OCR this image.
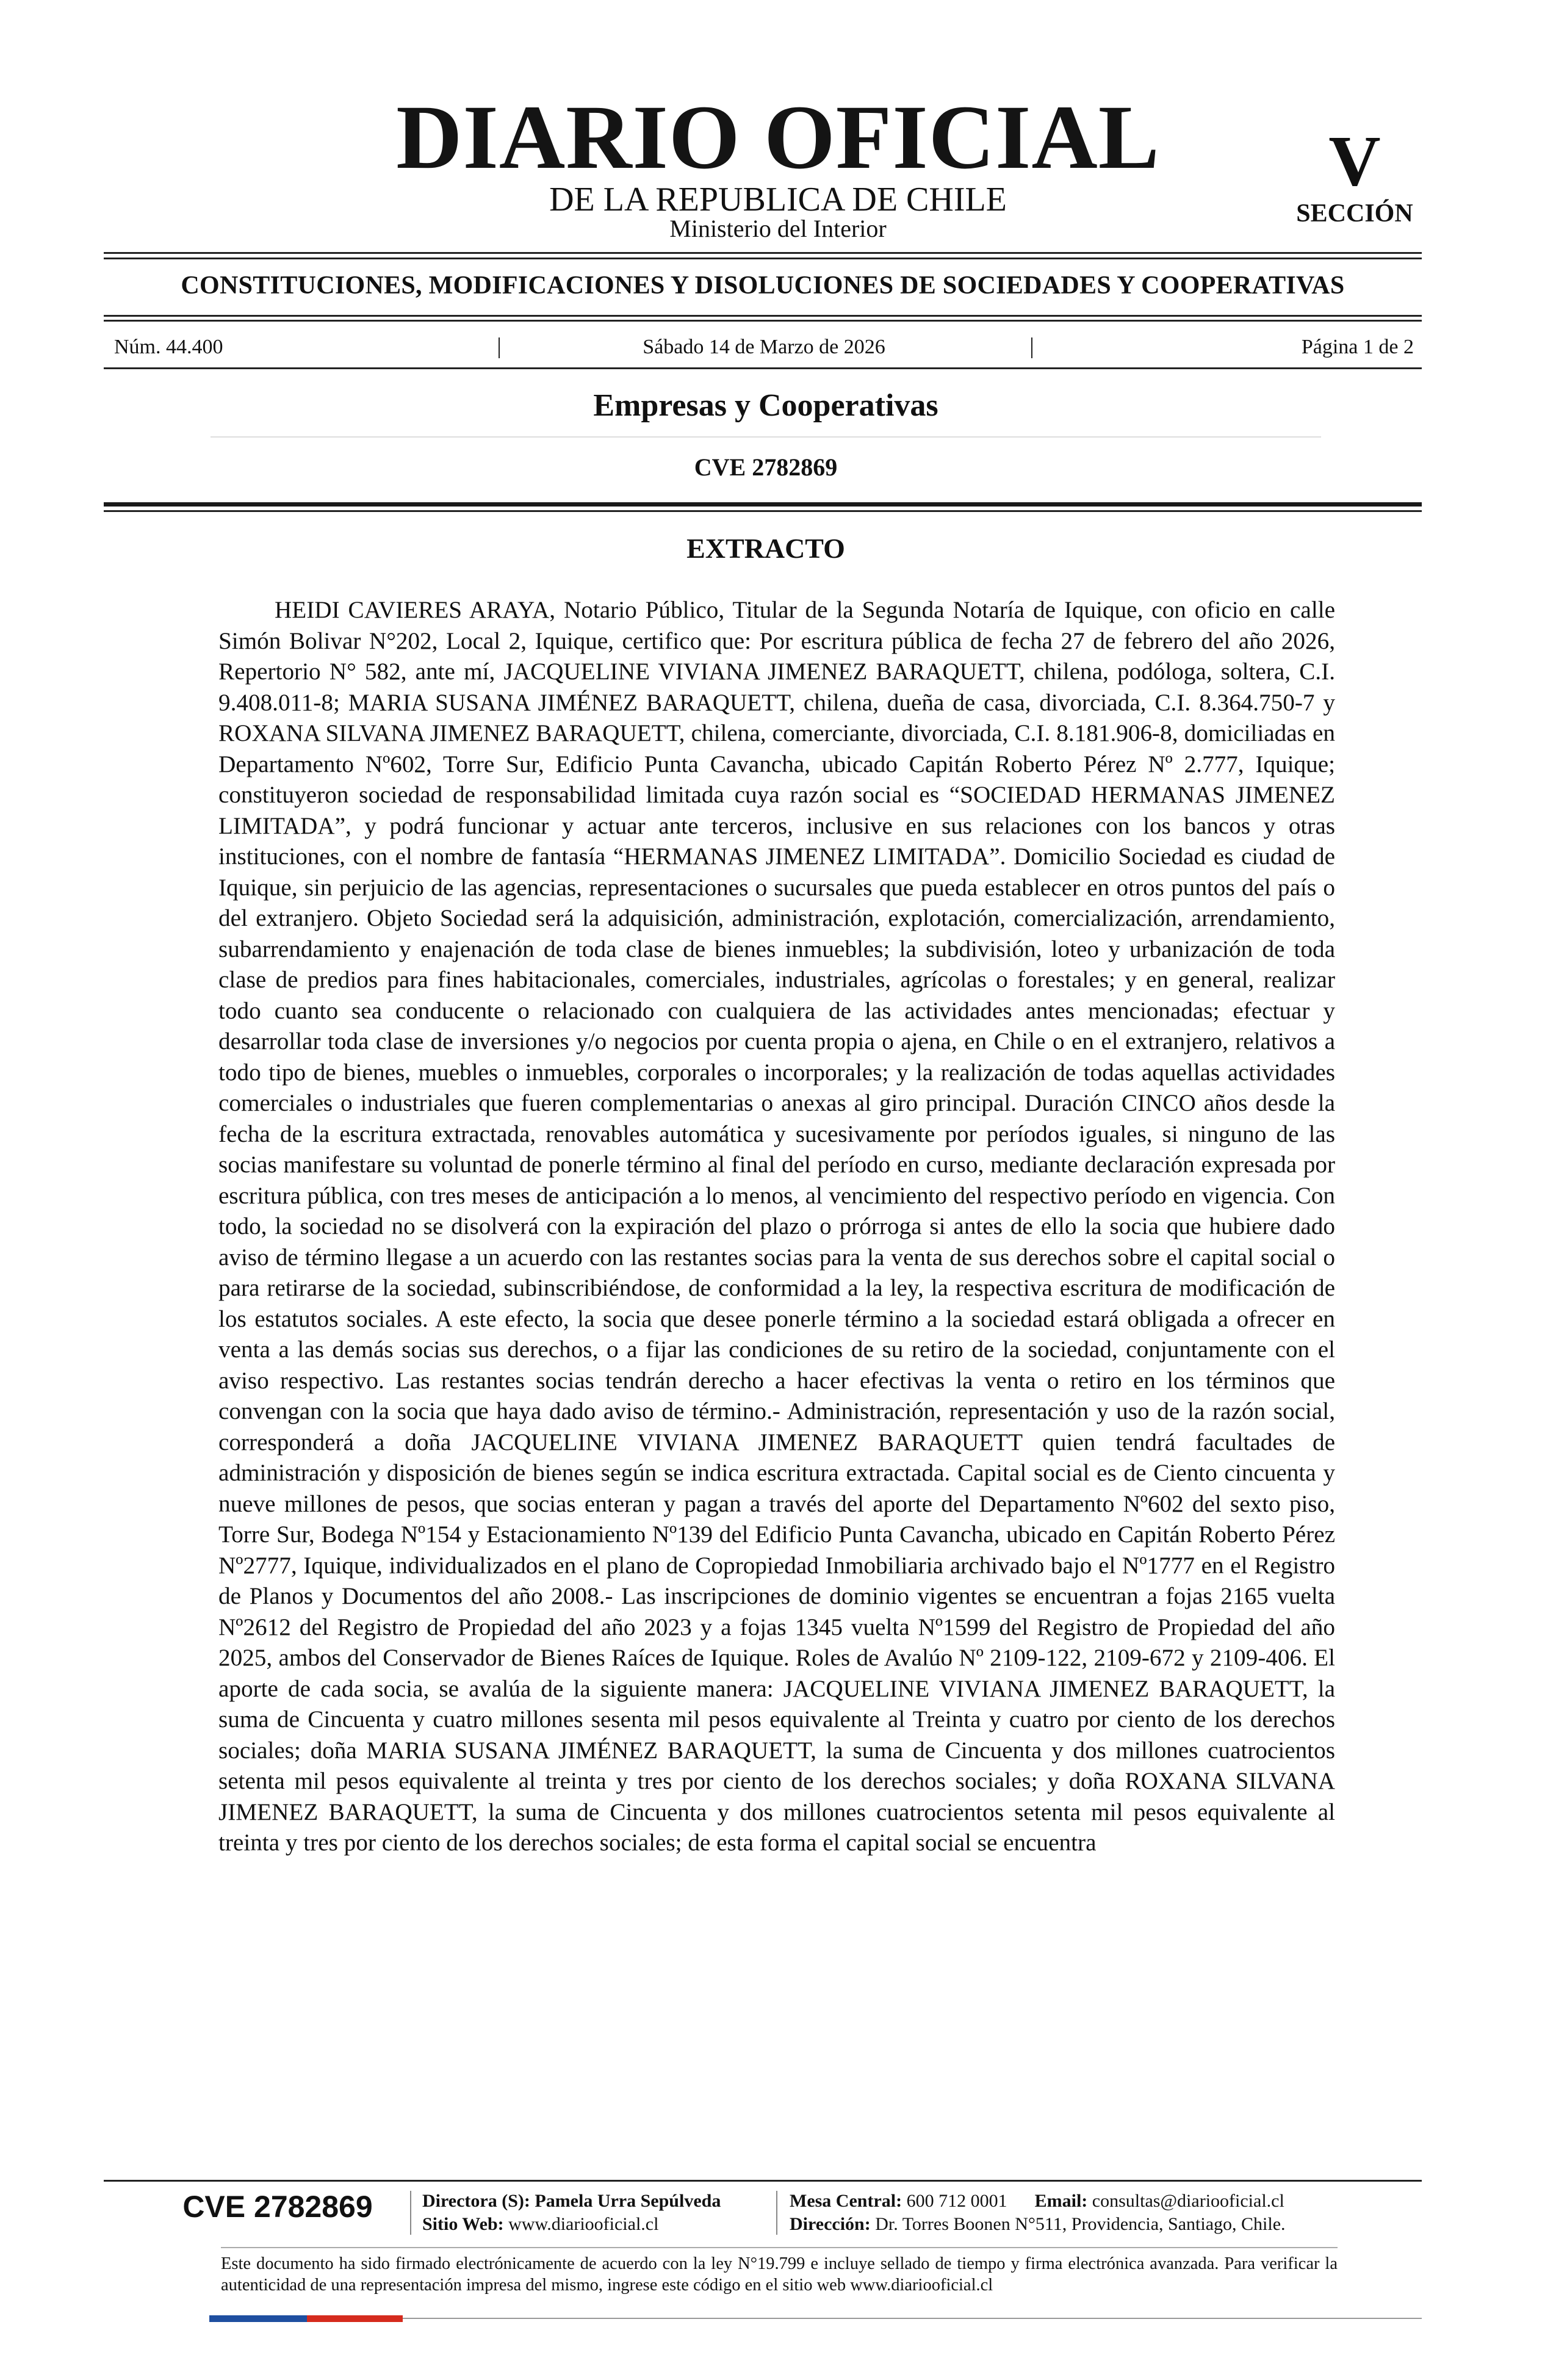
DIARIO OFICIAL
DE LA REPUBLICA DE CHILE
Ministerio del Interior
V
SECCIÓN
CONSTITUCIONES, MODIFICACIONES Y DISOLUCIONES DE SOCIEDADES Y COOPERATIVAS
Núm. 44.400	Sábado 14 de Marzo de 2026	Página 1 de 2
Empresas y Cooperativas
CVE 2782869
EXTRACTO
HEIDI CAVIERES ARAYA, Notario Público, Titular de la Segunda Notaría de Iquique, con oficio en calle Simón Bolivar N°202, Local 2, Iquique, certifico que: Por escritura pública de fecha 27 de febrero del año 2026, Repertorio N° 582, ante mí, JACQUELINE VIVIANA JIMENEZ BARAQUETT, chilena, podóloga, soltera, C.I. 9.408.011-8; MARIA SUSANA JIMÉNEZ BARAQUETT, chilena, dueña de casa, divorciada, C.I. 8.364.750-7 y ROXANA SILVANA JIMENEZ BARAQUETT, chilena, comerciante, divorciada, C.I. 8.181.906-8, domiciliadas en Departamento Nº602, Torre Sur, Edificio Punta Cavancha, ubicado Capitán Roberto Pérez Nº 2.777, Iquique; constituyeron sociedad de responsabilidad limitada cuya razón social es “SOCIEDAD HERMANAS JIMENEZ LIMITADA”, y podrá funcionar y actuar ante terceros, inclusive en sus relaciones con los bancos y otras instituciones, con el nombre de fantasía “HERMANAS JIMENEZ LIMITADA”. Domicilio Sociedad es ciudad de Iquique, sin perjuicio de las agencias, representaciones o sucursales que pueda establecer en otros puntos del país o del extranjero. Objeto Sociedad será la adquisición, administración, explotación, comercialización, arrendamiento, subarrendamiento y enajenación de toda clase de bienes inmuebles; la subdivisión, loteo y urbanización de toda clase de predios para fines habitacionales, comerciales, industriales, agrícolas o forestales; y en general, realizar todo cuanto sea conducente o relacionado con cualquiera de las actividades antes mencionadas; efectuar y desarrollar toda clase de inversiones y/o negocios por cuenta propia o ajena, en Chile o en el extranjero, relativos a todo tipo de bienes, muebles o inmuebles, corporales o incorporales; y la realización de todas aquellas actividades comerciales o industriales que fueren complementarias o anexas al giro principal. Duración CINCO años desde la fecha de la escritura extractada, renovables automática y sucesivamente por períodos iguales, si ninguno de las socias manifestare su voluntad de ponerle término al final del período en curso, mediante declaración expresada por escritura pública, con tres meses de anticipación a lo menos, al vencimiento del respectivo período en vigencia. Con todo, la sociedad no se disolverá con la expiración del plazo o prórroga si antes de ello la socia que hubiere dado aviso de término llegase a un acuerdo con las restantes socias para la venta de sus derechos sobre el capital social o para retirarse de la sociedad, subinscribiéndose, de conformidad a la ley, la respectiva escritura de modificación de los estatutos sociales. A este efecto, la socia que desee ponerle término a la sociedad estará obligada a ofrecer en venta a las demás socias sus derechos, o a fijar las condiciones de su retiro de la sociedad, conjuntamente con el aviso respectivo. Las restantes socias tendrán derecho a hacer efectivas la venta o retiro en los términos que convengan con la socia que haya dado aviso de término.- Administración, representación y uso de la razón social, corresponderá a doña JACQUELINE VIVIANA JIMENEZ BARAQUETT quien tendrá facultades de administración y disposición de bienes según se indica escritura extractada. Capital social es de Ciento cincuenta y nueve millones de pesos, que socias enteran y pagan a través del aporte del Departamento Nº602 del sexto piso, Torre Sur, Bodega Nº154 y Estacionamiento Nº139 del Edificio Punta Cavancha, ubicado en Capitán Roberto Pérez Nº2777, Iquique, individualizados en el plano de Copropiedad Inmobiliaria archivado bajo el Nº1777 en el Registro de Planos y Documentos del año 2008.- Las inscripciones de dominio vigentes se encuentran a fojas 2165 vuelta Nº2612 del Registro de Propiedad del año 2023 y a fojas 1345 vuelta Nº1599 del Registro de Propiedad del año 2025, ambos del Conservador de Bienes Raíces de Iquique. Roles de Avalúo Nº 2109-122, 2109-672 y 2109-406. El aporte de cada socia, se avalúa de la siguiente manera: JACQUELINE VIVIANA JIMENEZ BARAQUETT, la suma de Cincuenta y cuatro millones sesenta mil pesos equivalente al Treinta y cuatro por ciento de los derechos sociales; doña MARIA SUSANA JIMÉNEZ BARAQUETT, la suma de Cincuenta y dos millones cuatrocientos setenta mil pesos equivalente al treinta y tres por ciento de los derechos sociales; y doña ROXANA SILVANA JIMENEZ BARAQUETT, la suma de Cincuenta y dos millones cuatrocientos setenta mil pesos equivalente al treinta y tres por ciento de los derechos sociales; de esta forma el capital social se encuentra
CVE 2782869	Directora (S): Pamela Urra Sepúlveda
Sitio Web: www.diariooficial.cl
Mesa Central: 600 712 0001 Email: consultas@diariooficial.cl
Dirección: Dr. Torres Boonen N°511, Providencia, Santiago, Chile.
Este documento ha sido firmado electrónicamente de acuerdo con la ley N°19.799 e incluye sellado de tiempo y firma electrónica avanzada. Para verificar la autenticidad de una representación impresa del mismo, ingrese este código en el sitio web www.diariooficial.cl
